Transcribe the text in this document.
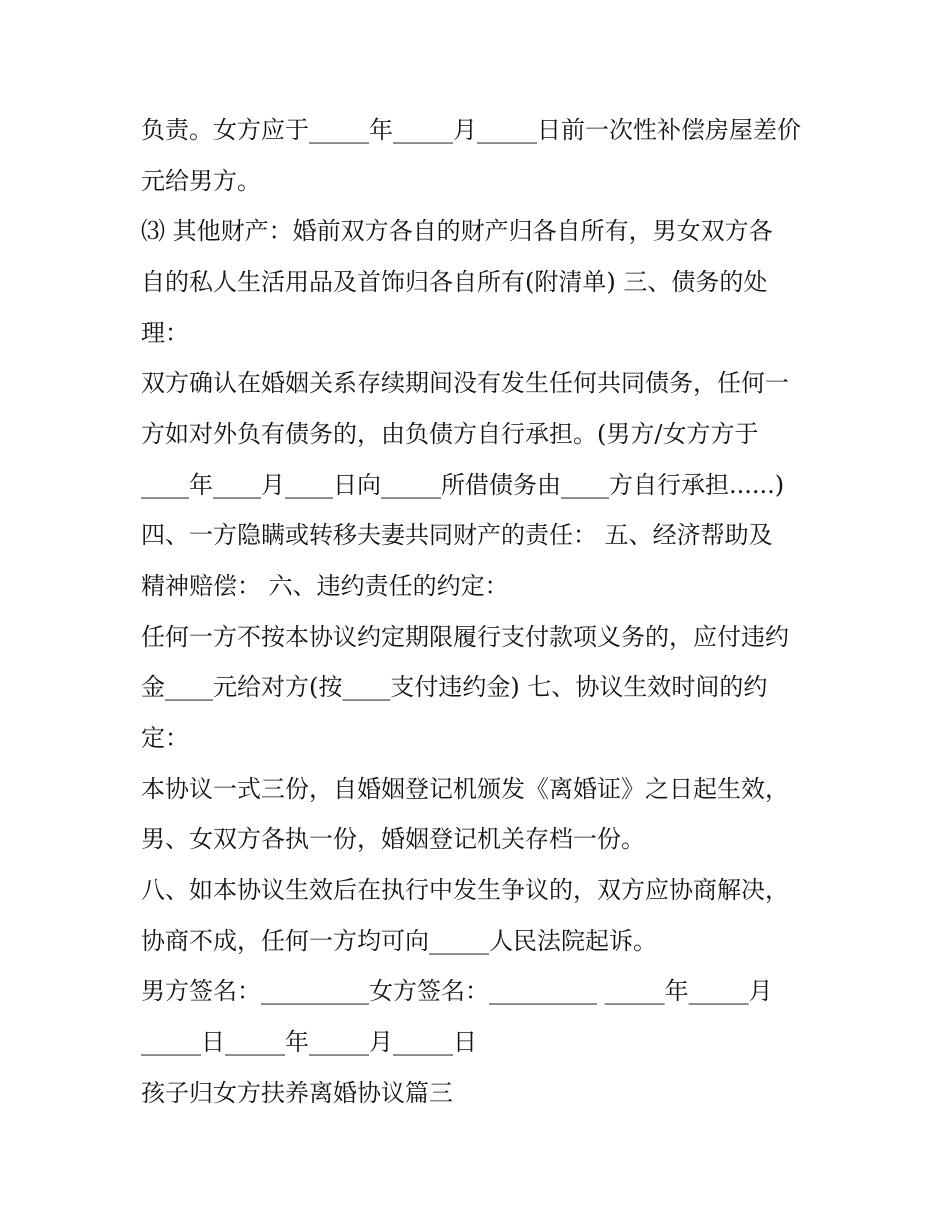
负责。女方应于_____年_____月_____日前一次性补偿房屋差价
元给男方。
⑶ 其他财产：婚前双方各自的财产归各自所有，男女双方各
自的私人生活用品及首饰归各自所有(附清单) 三、债务的处
理：
双方确认在婚姻关系存续期间没有发生任何共同债务，任何一
方如对外负有债务的，由负债方自行承担。(男方/女方方于
____年____月____日向_____所借债务由____方自行承担......)
四、一方隐瞒或转移夫妻共同财产的责任： 五、经济帮助及
精神赔偿： 六、违约责任的约定：
任何一方不按本协议约定期限履行支付款项义务的，应付违约
金____元给对方(按____支付违约金) 七、协议生效时间的约
定：
本协议一式三份，自婚姻登记机颁发《离婚证》之日起生效，
男、女双方各执一份，婚姻登记机关存档一份。
八、如本协议生效后在执行中发生争议的，双方应协商解决，
协商不成，任何一方均可向_____人民法院起诉。
男方签名：_________女方签名：_________ _____年_____月
_____日_____年_____月_____日
孩子归女方扶养离婚协议篇三
